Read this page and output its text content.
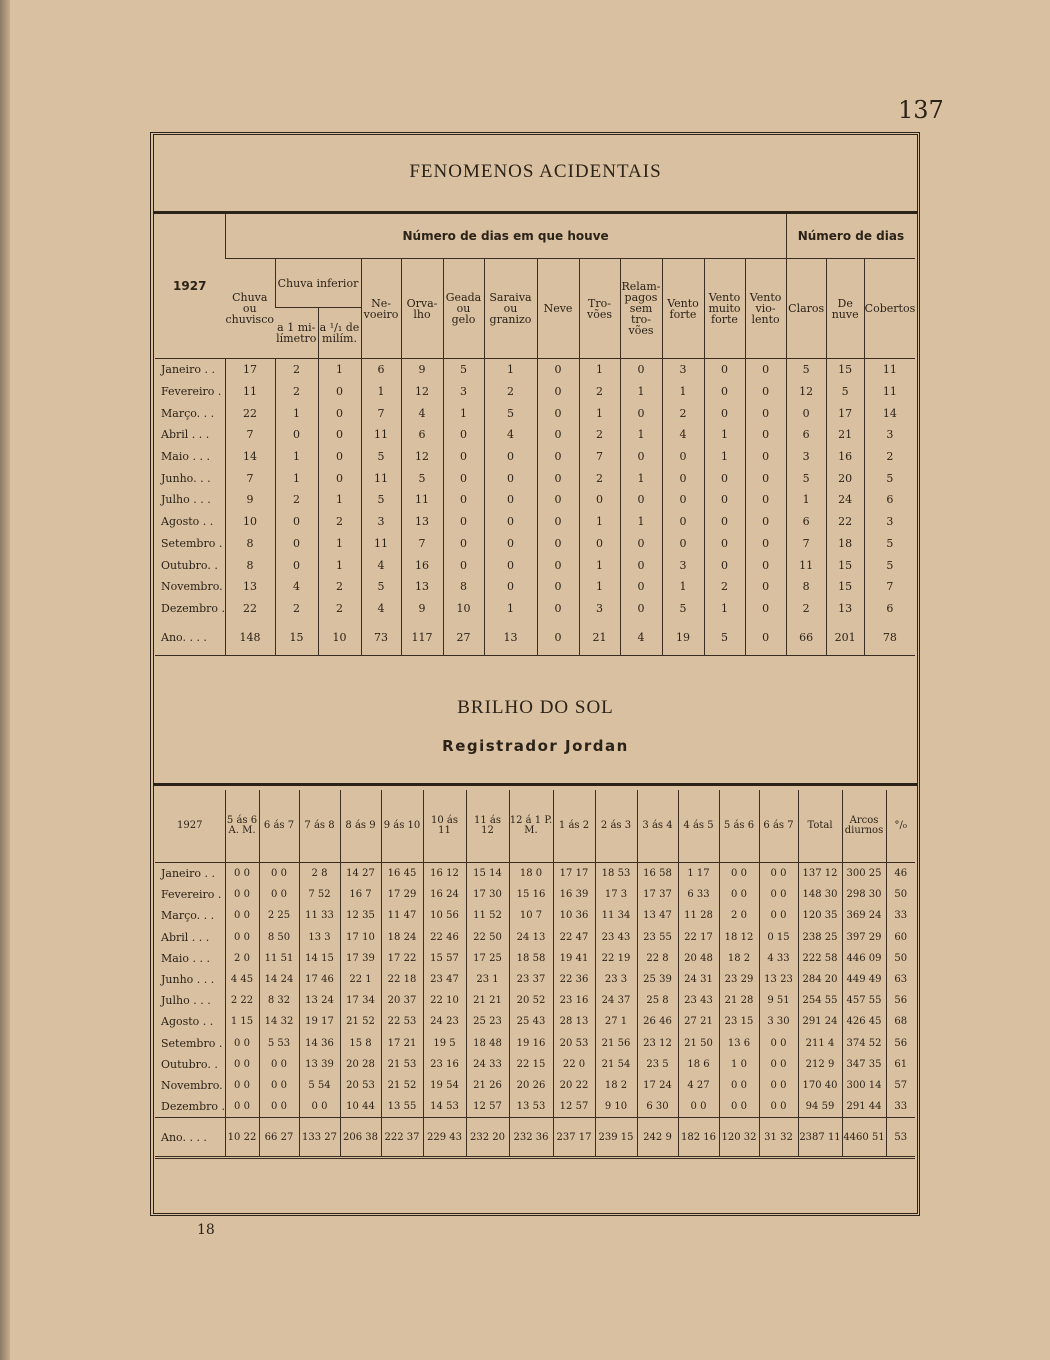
137
FENOMENOS ACIDENTAIS
BRILHO DO SOL
Registrador Jordan
1927	Número de dias em que houve													Número de dias		
	Chuva ou chuvisco	Chuva inferior		Ne-voeiro	Orva-lho	Geada ou gelo	Saraiva ou granizo	Neve	Tro-vões	Relam-pagos sem tro-vões	Vento forte	Vento muito forte	Vento vio-lento	Claros	De nuve	Cobertos
		a 1 mi-límetro	a ¹/₁ de milím.													
Janeiro . .	17	2	1	6	9	5	1	0	1	0	3	0	0	5	15	11
Fevereiro .	11	2	0	1	12	3	2	0	2	1	1	0	0	12	5	11
Março. . .	22	1	0	7	4	1	5	0	1	0	2	0	0	0	17	14
Abril . . .	7	0	0	11	6	0	4	0	2	1	4	1	0	6	21	3
Maio . . .	14	1	0	5	12	0	0	0	7	0	0	1	0	3	16	2
Junho. . .	7	1	0	11	5	0	0	0	2	1	0	0	0	5	20	5
Julho . . .	9	2	1	5	11	0	0	0	0	0	0	0	0	1	24	6
Agosto . .	10	0	2	3	13	0	0	0	1	1	0	0	0	6	22	3
Setembro .	8	0	1	11	7	0	0	0	0	0	0	0	0	7	18	5
Outubro. .	8	0	1	4	16	0	0	0	1	0	3	0	0	11	15	5
Novembro.	13	4	2	5	13	8	0	0	1	0	1	2	0	8	15	7
Dezembro .	22	2	2	4	9	10	1	0	3	0	5	1	0	2	13	6
Ano. . . .	148	15	10	73	117	27	13	0	21	4	19	5	0	66	201	78
1927	5 ás 6 A. M.	6 ás 7	7 ás 8	8 ás 9	9 ás 10	10 ás 11	11 ás 12	12 á 1 P. M.	1 ás 2	2 ás 3	3 ás 4	4 ás 5	5 ás 6	6 ás 7	Total	Arcos diurnos	°/₀
Janeiro . .	0 0	0 0	2 8	14 27	16 45	16 12	15 14	18 0	17 17	18 53	16 58	1 17	0 0	0 0	137 12	300 25	46
Fevereiro .	0 0	0 0	7 52	16 7	17 29	16 24	17 30	15 16	16 39	17 3	17 37	6 33	0 0	0 0	148 30	298 30	50
Março. . .	0 0	2 25	11 33	12 35	11 47	10 56	11 52	10 7	10 36	11 34	13 47	11 28	2 0	0 0	120 35	369 24	33
Abril . . .	0 0	8 50	13 3	17 10	18 24	22 46	22 50	24 13	22 47	23 43	23 55	22 17	18 12	0 15	238 25	397 29	60
Maio . . .	2 0	11 51	14 15	17 39	17 22	15 57	17 25	18 58	19 41	22 19	22 8	20 48	18 2	4 33	222 58	446 09	50
Junho . . .	4 45	14 24	17 46	22 1	22 18	23 47	23 1	23 37	22 36	23 3	25 39	24 31	23 29	13 23	284 20	449 49	63
Julho . . .	2 22	8 32	13 24	17 34	20 37	22 10	21 21	20 52	23 16	24 37	25 8	23 43	21 28	9 51	254 55	457 55	56
Agosto . .	1 15	14 32	19 17	21 52	22 53	24 23	25 23	25 43	28 13	27 1	26 46	27 21	23 15	3 30	291 24	426 45	68
Setembro .	0 0	5 53	14 36	15 8	17 21	19 5	18 48	19 16	20 53	21 56	23 12	21 50	13 6	0 0	211 4	374 52	56
Outubro. .	0 0	0 0	13 39	20 28	21 53	23 16	24 33	22 15	22 0	21 54	23 5	18 6	1 0	0 0	212 9	347 35	61
Novembro.	0 0	0 0	5 54	20 53	21 52	19 54	21 26	20 26	20 22	18 2	17 24	4 27	0 0	0 0	170 40	300 14	57
Dezembro .	0 0	0 0	0 0	10 44	13 55	14 53	12 57	13 53	12 57	9 10	6 30	0 0	0 0	0 0	94 59	291 44	33
Ano. . . .	10 22	66 27	133 27	206 38	222 37	229 43	232 20	232 36	237 17	239 15	242 9	182 16	120 32	31 32	2387 11	4460 51	53
18
